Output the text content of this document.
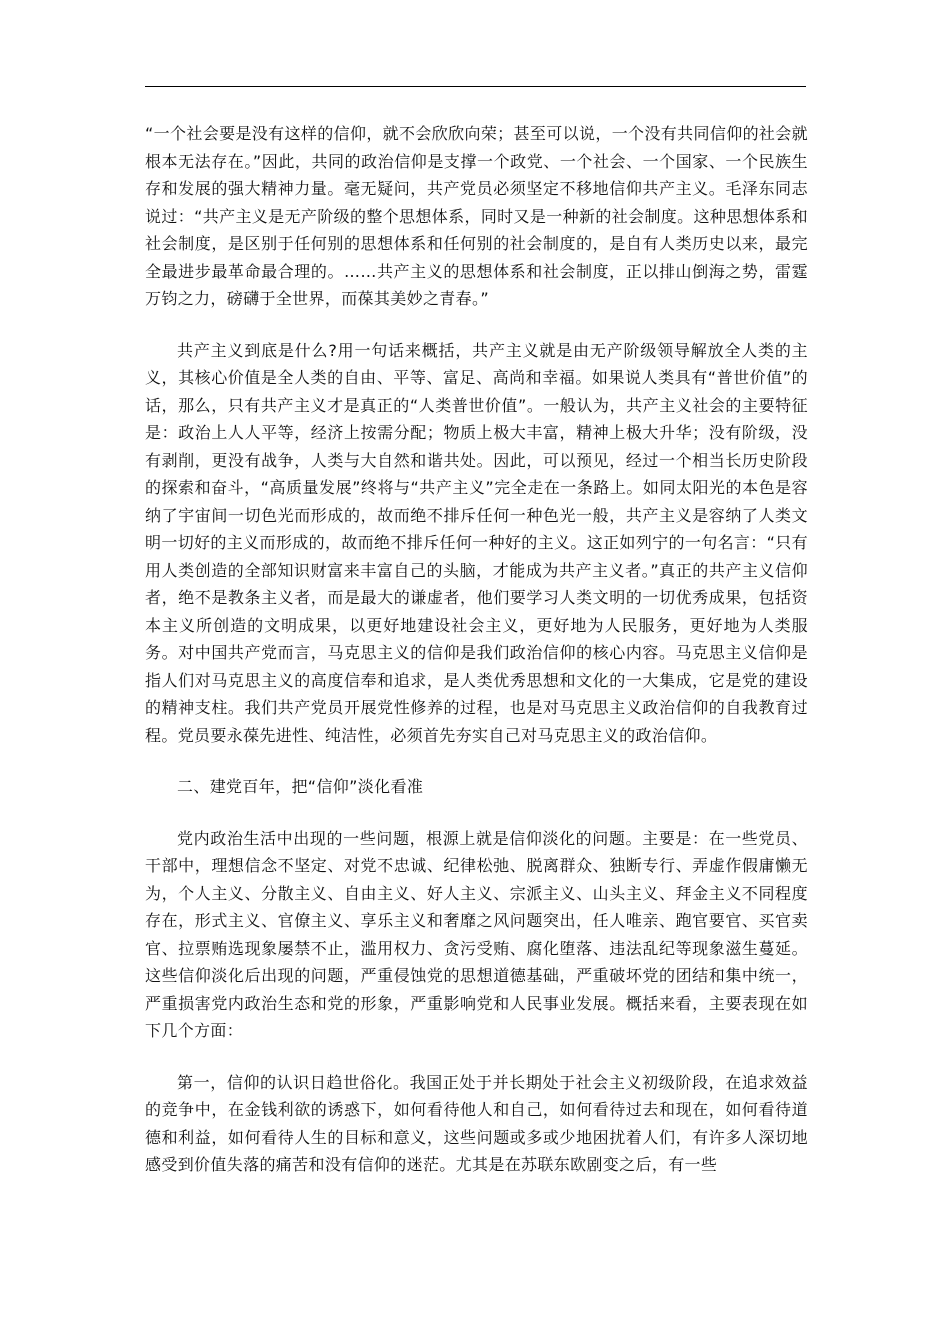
“一个社会要是没有这样的信仰，就不会欣欣向荣；甚至可以说，一个没有共同信仰的社会就根本无法存在。”因此，共同的政治信仰是支撑一个政党、一个社会、一个国家、一个民族生存和发展的强大精神力量。毫无疑问，共产党员必须坚定不移地信仰共产主义。毛泽东同志说过：“共产主义是无产阶级的整个思想体系，同时又是一种新的社会制度。这种思想体系和社会制度，是区别于任何别的思想体系和任何别的社会制度的，是自有人类历史以来，最完全最进步最革命最合理的。……共产主义的思想体系和社会制度，正以排山倒海之势，雷霆万钧之力，磅礴于全世界，而葆其美妙之青春。”

共产主义到底是什么?用一句话来概括，共产主义就是由无产阶级领导解放全人类的主义，其核心价值是全人类的自由、平等、富足、高尚和幸福。如果说人类具有“普世价值”的话，那么，只有共产主义才是真正的“人类普世价值”。一般认为，共产主义社会的主要特征是：政治上人人平等，经济上按需分配；物质上极大丰富，精神上极大升华；没有阶级，没有剥削，更没有战争，人类与大自然和谐共处。因此，可以预见，经过一个相当长历史阶段的探索和奋斗，“高质量发展”终将与“共产主义”完全走在一条路上。如同太阳光的本色是容纳了宇宙间一切色光而形成的，故而绝不排斥任何一种色光一般，共产主义是容纳了人类文明一切好的主义而形成的，故而绝不排斥任何一种好的主义。这正如列宁的一句名言：“只有用人类创造的全部知识财富来丰富自己的头脑，才能成为共产主义者。”真正的共产主义信仰者，绝不是教条主义者，而是最大的谦虚者，他们要学习人类文明的一切优秀成果，包括资本主义所创造的文明成果，以更好地建设社会主义，更好地为人民服务，更好地为人类服务。对中国共产党而言，马克思主义的信仰是我们政治信仰的核心内容。马克思主义信仰是指人们对马克思主义的高度信奉和追求，是人类优秀思想和文化的一大集成，它是党的建设的精神支柱。我们共产党员开展党性修养的过程，也是对马克思主义政治信仰的自我教育过程。党员要永葆先进性、纯洁性，必须首先夯实自己对马克思主义的政治信仰。

二、建党百年，把“信仰”淡化看准

党内政治生活中出现的一些问题，根源上就是信仰淡化的问题。主要是：在一些党员、干部中，理想信念不坚定、对党不忠诚、纪律松弛、脱离群众、独断专行、弄虚作假庸懒无为，个人主义、分散主义、自由主义、好人主义、宗派主义、山头主义、拜金主义不同程度存在，形式主义、官僚主义、享乐主义和奢靡之风问题突出，任人唯亲、跑官要官、买官卖官、拉票贿选现象屡禁不止，滥用权力、贪污受贿、腐化堕落、违法乱纪等现象滋生蔓延。这些信仰淡化后出现的问题，严重侵蚀党的思想道德基础，严重破坏党的团结和集中统一，严重损害党内政治生态和党的形象，严重影响党和人民事业发展。概括来看，主要表现在如下几个方面：

第一，信仰的认识日趋世俗化。我国正处于并长期处于社会主义初级阶段，在追求效益的竞争中，在金钱利欲的诱惑下，如何看待他人和自己，如何看待过去和现在，如何看待道德和利益，如何看待人生的目标和意义，这些问题或多或少地困扰着人们，有许多人深切地感受到价值失落的痛苦和没有信仰的迷茫。尤其是在苏联东欧剧变之后，有一些
